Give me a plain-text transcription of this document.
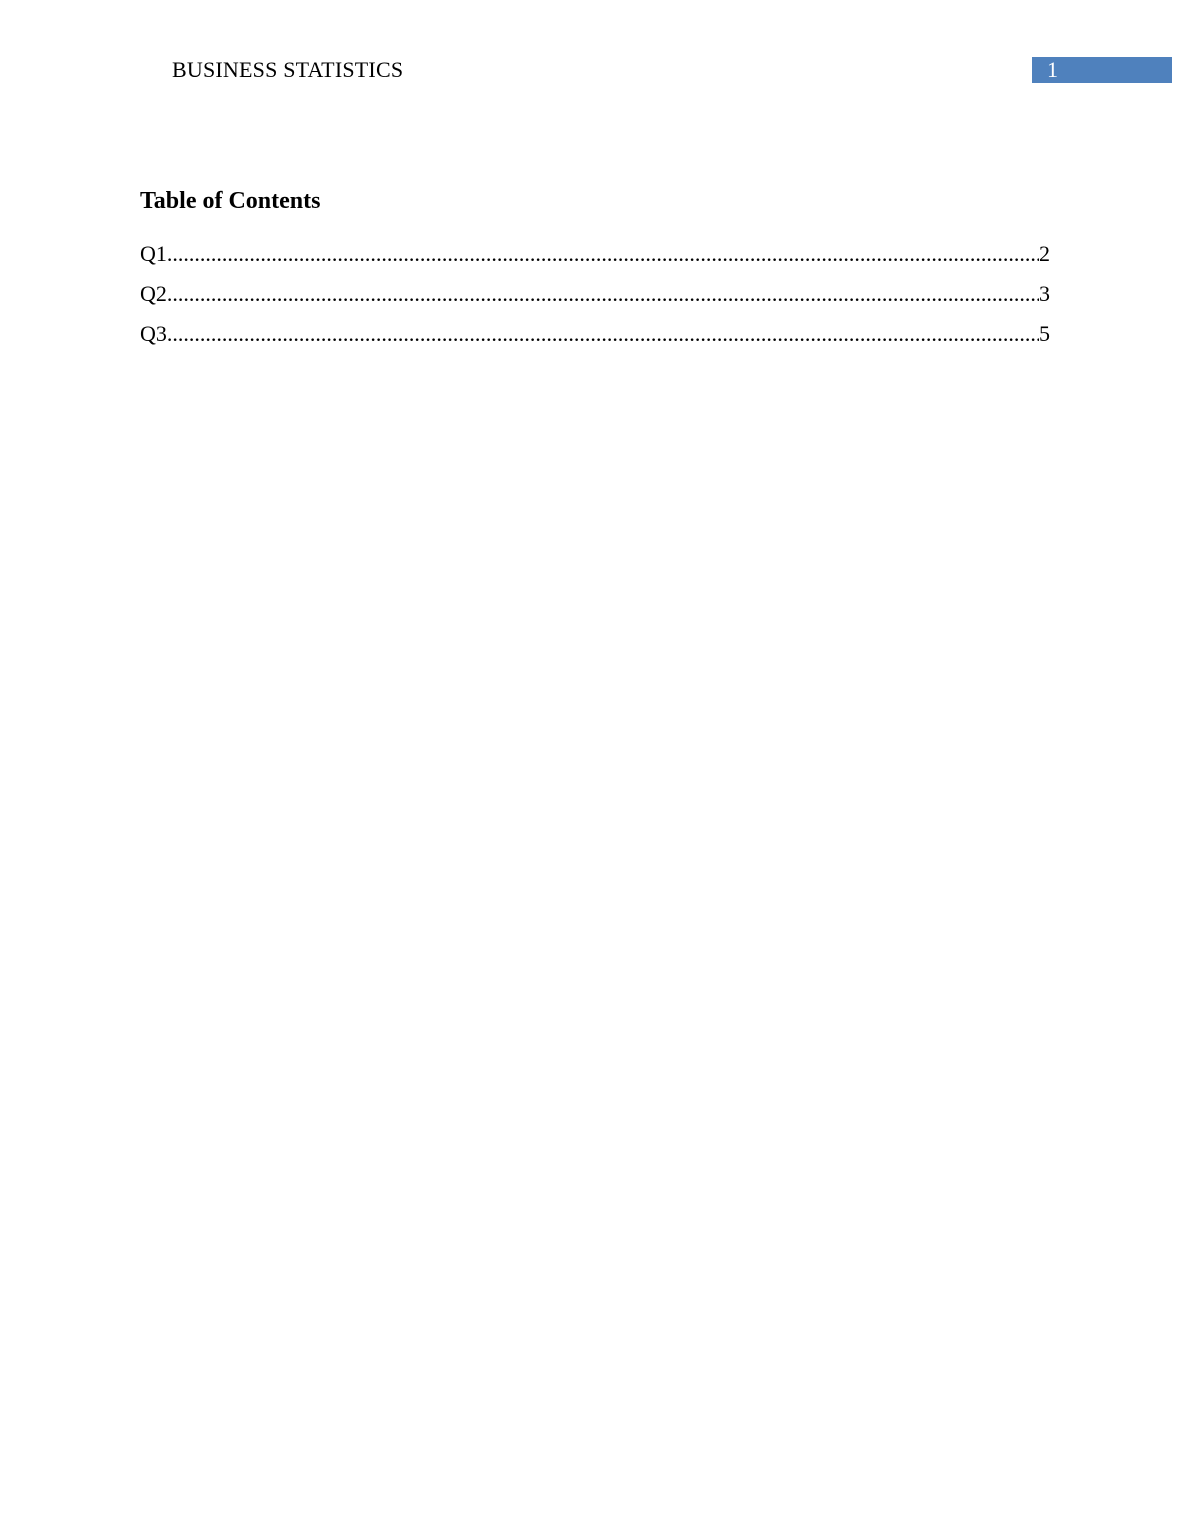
BUSINESS STATISTICS	1
Table of Contents
Q1 .....	2
Q2 .....	3
Q3 .....	5
